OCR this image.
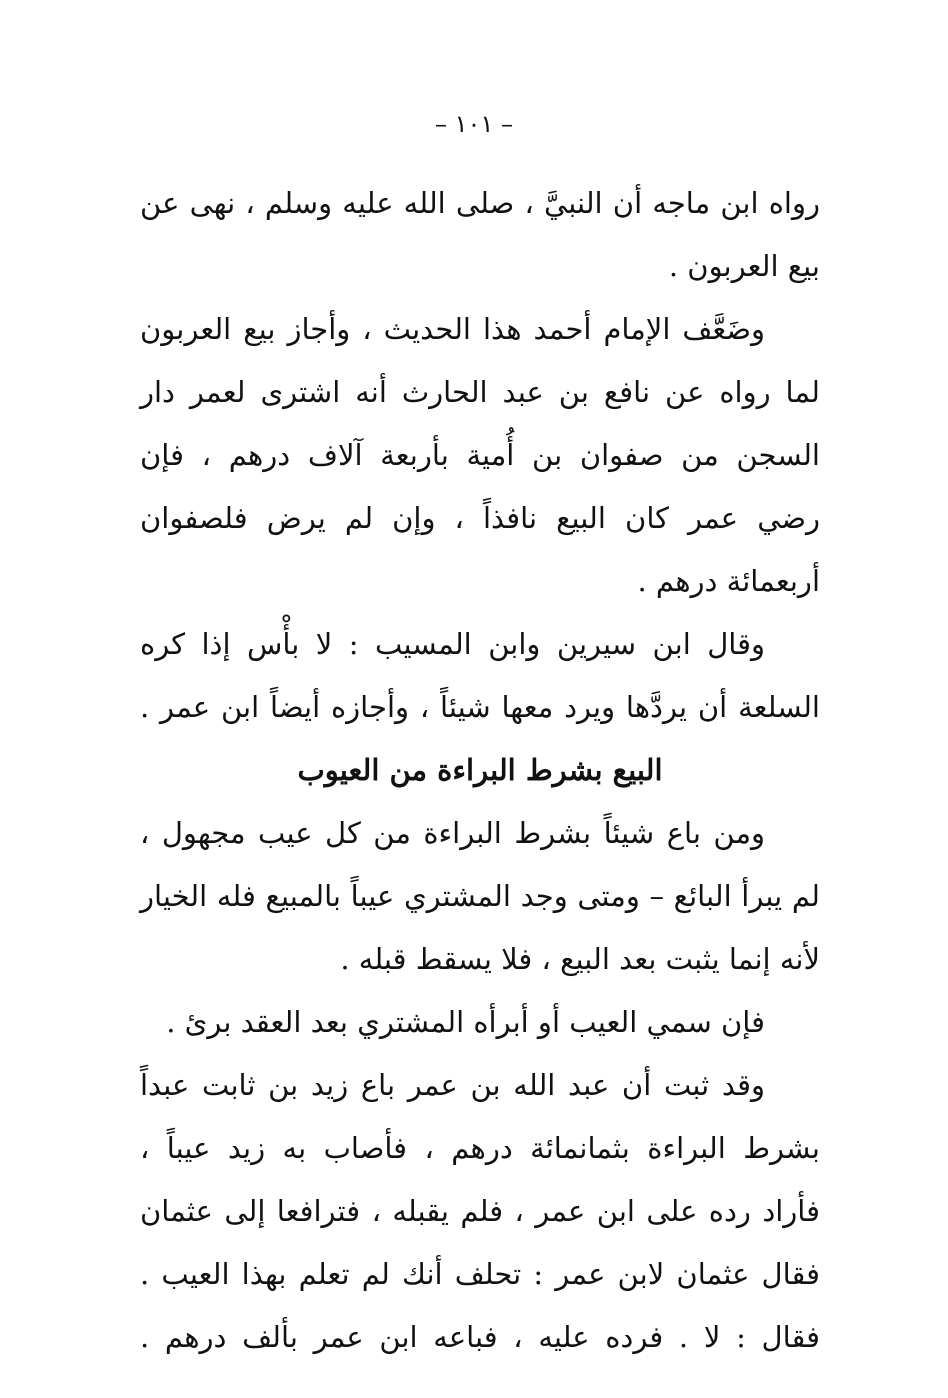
– ١٠١ –
رواه ابن ماجه أن النبيَّ ، صلى الله عليه وسلم ، نهى عن
بيع العربون .
وضَعَّف الإمام أحمد هذا الحديث ، وأجاز بيع العربون
لما رواه عن نافع بن عبد الحارث أنه اشترى لعمر دار
السجن من صفوان بن أُمية بأربعة آلاف درهم ، فإن
رضي عمر كان البيع نافذاً ، وإن لم يرض فلصفوان
أربعمائة درهم .
وقال ابن سيرين وابن المسيب : لا بأْس إذا كره
السلعة أن يردَّها ويرد معها شيئاً ، وأجازه أيضاً ابن عمر .
البيع بشرط البراءة من العيوب
ومن باع شيئاً بشرط البراءة من كل عيب مجهول ،
لم يبرأ البائع – ومتى وجد المشتري عيباً بالمبيع فله الخيار
لأنه إنما يثبت بعد البيع ، فلا يسقط قبله .
فإن سمي العيب أو أبرأه المشتري بعد العقد برئ .
وقد ثبت أن عبد الله بن عمر باع زيد بن ثابت عبداً
بشرط البراءة بثمانمائة درهم ، فأصاب به زيد عيباً ،
فأراد رده على ابن عمر ، فلم يقبله ، فترافعا إلى عثمان
فقال عثمان لابن عمر : تحلف أنك لم تعلم بهذا العيب .
فقال : لا . فرده عليه ، فباعه ابن عمر بألف درهم .
